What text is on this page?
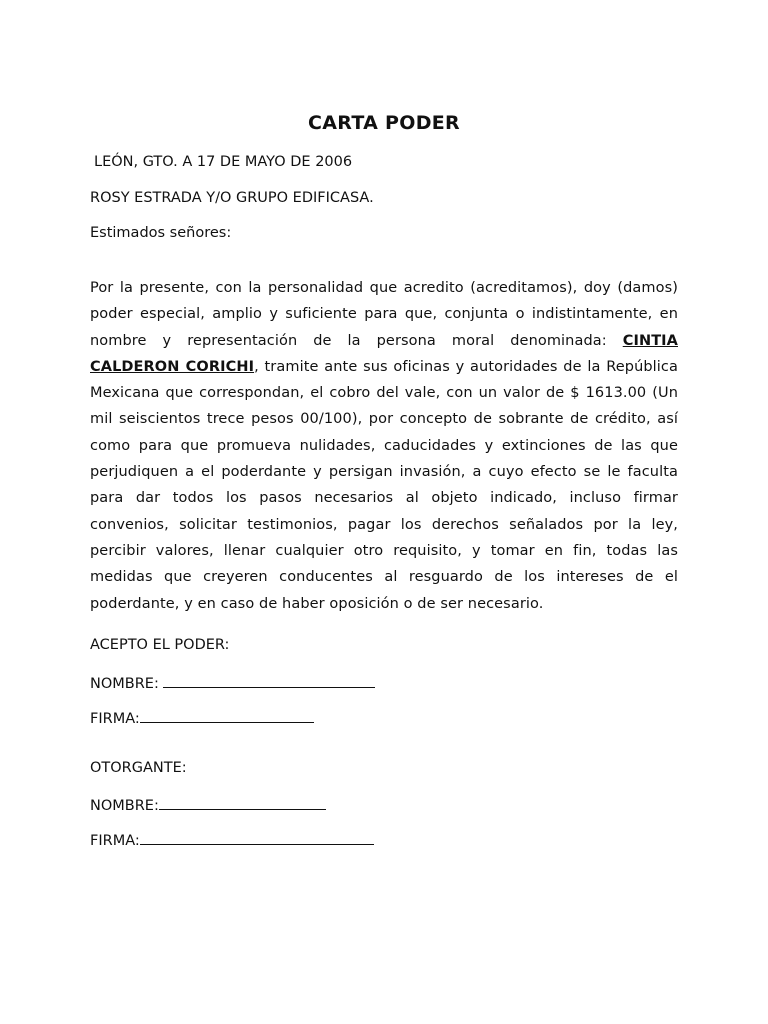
CARTA PODER
LEÓN, GTO. A 17 DE MAYO DE 2006
ROSY ESTRADA Y/O GRUPO EDIFICASA.
Estimados señores:
Por la presente, con la personalidad que acredito (acreditamos), doy (damos) poder especial, amplio y suficiente para que, conjunta o indistintamente, en nombre y representación de la persona moral denominada: CINTIA CALDERON CORICHI, tramite ante sus oficinas y autoridades de la República Mexicana que correspondan, el cobro del vale, con un valor de $ 1613.00 (Un mil seiscientos trece pesos 00/100), por concepto de sobrante de crédito, así como para que promueva nulidades, caducidades y extinciones de las que perjudiquen a el poderdante y persigan invasión, a cuyo efecto se le faculta para dar todos los pasos necesarios al objeto indicado, incluso firmar convenios, solicitar testimonios, pagar los derechos señalados por la ley, percibir valores, llenar cualquier otro requisito, y tomar en fin, todas las medidas que creyeren conducentes al resguardo de los intereses de el poderdante, y en caso de haber oposición o de ser necesario.
ACEPTO EL PODER:
NOMBRE:
FIRMA:
OTORGANTE:
NOMBRE:
FIRMA:
